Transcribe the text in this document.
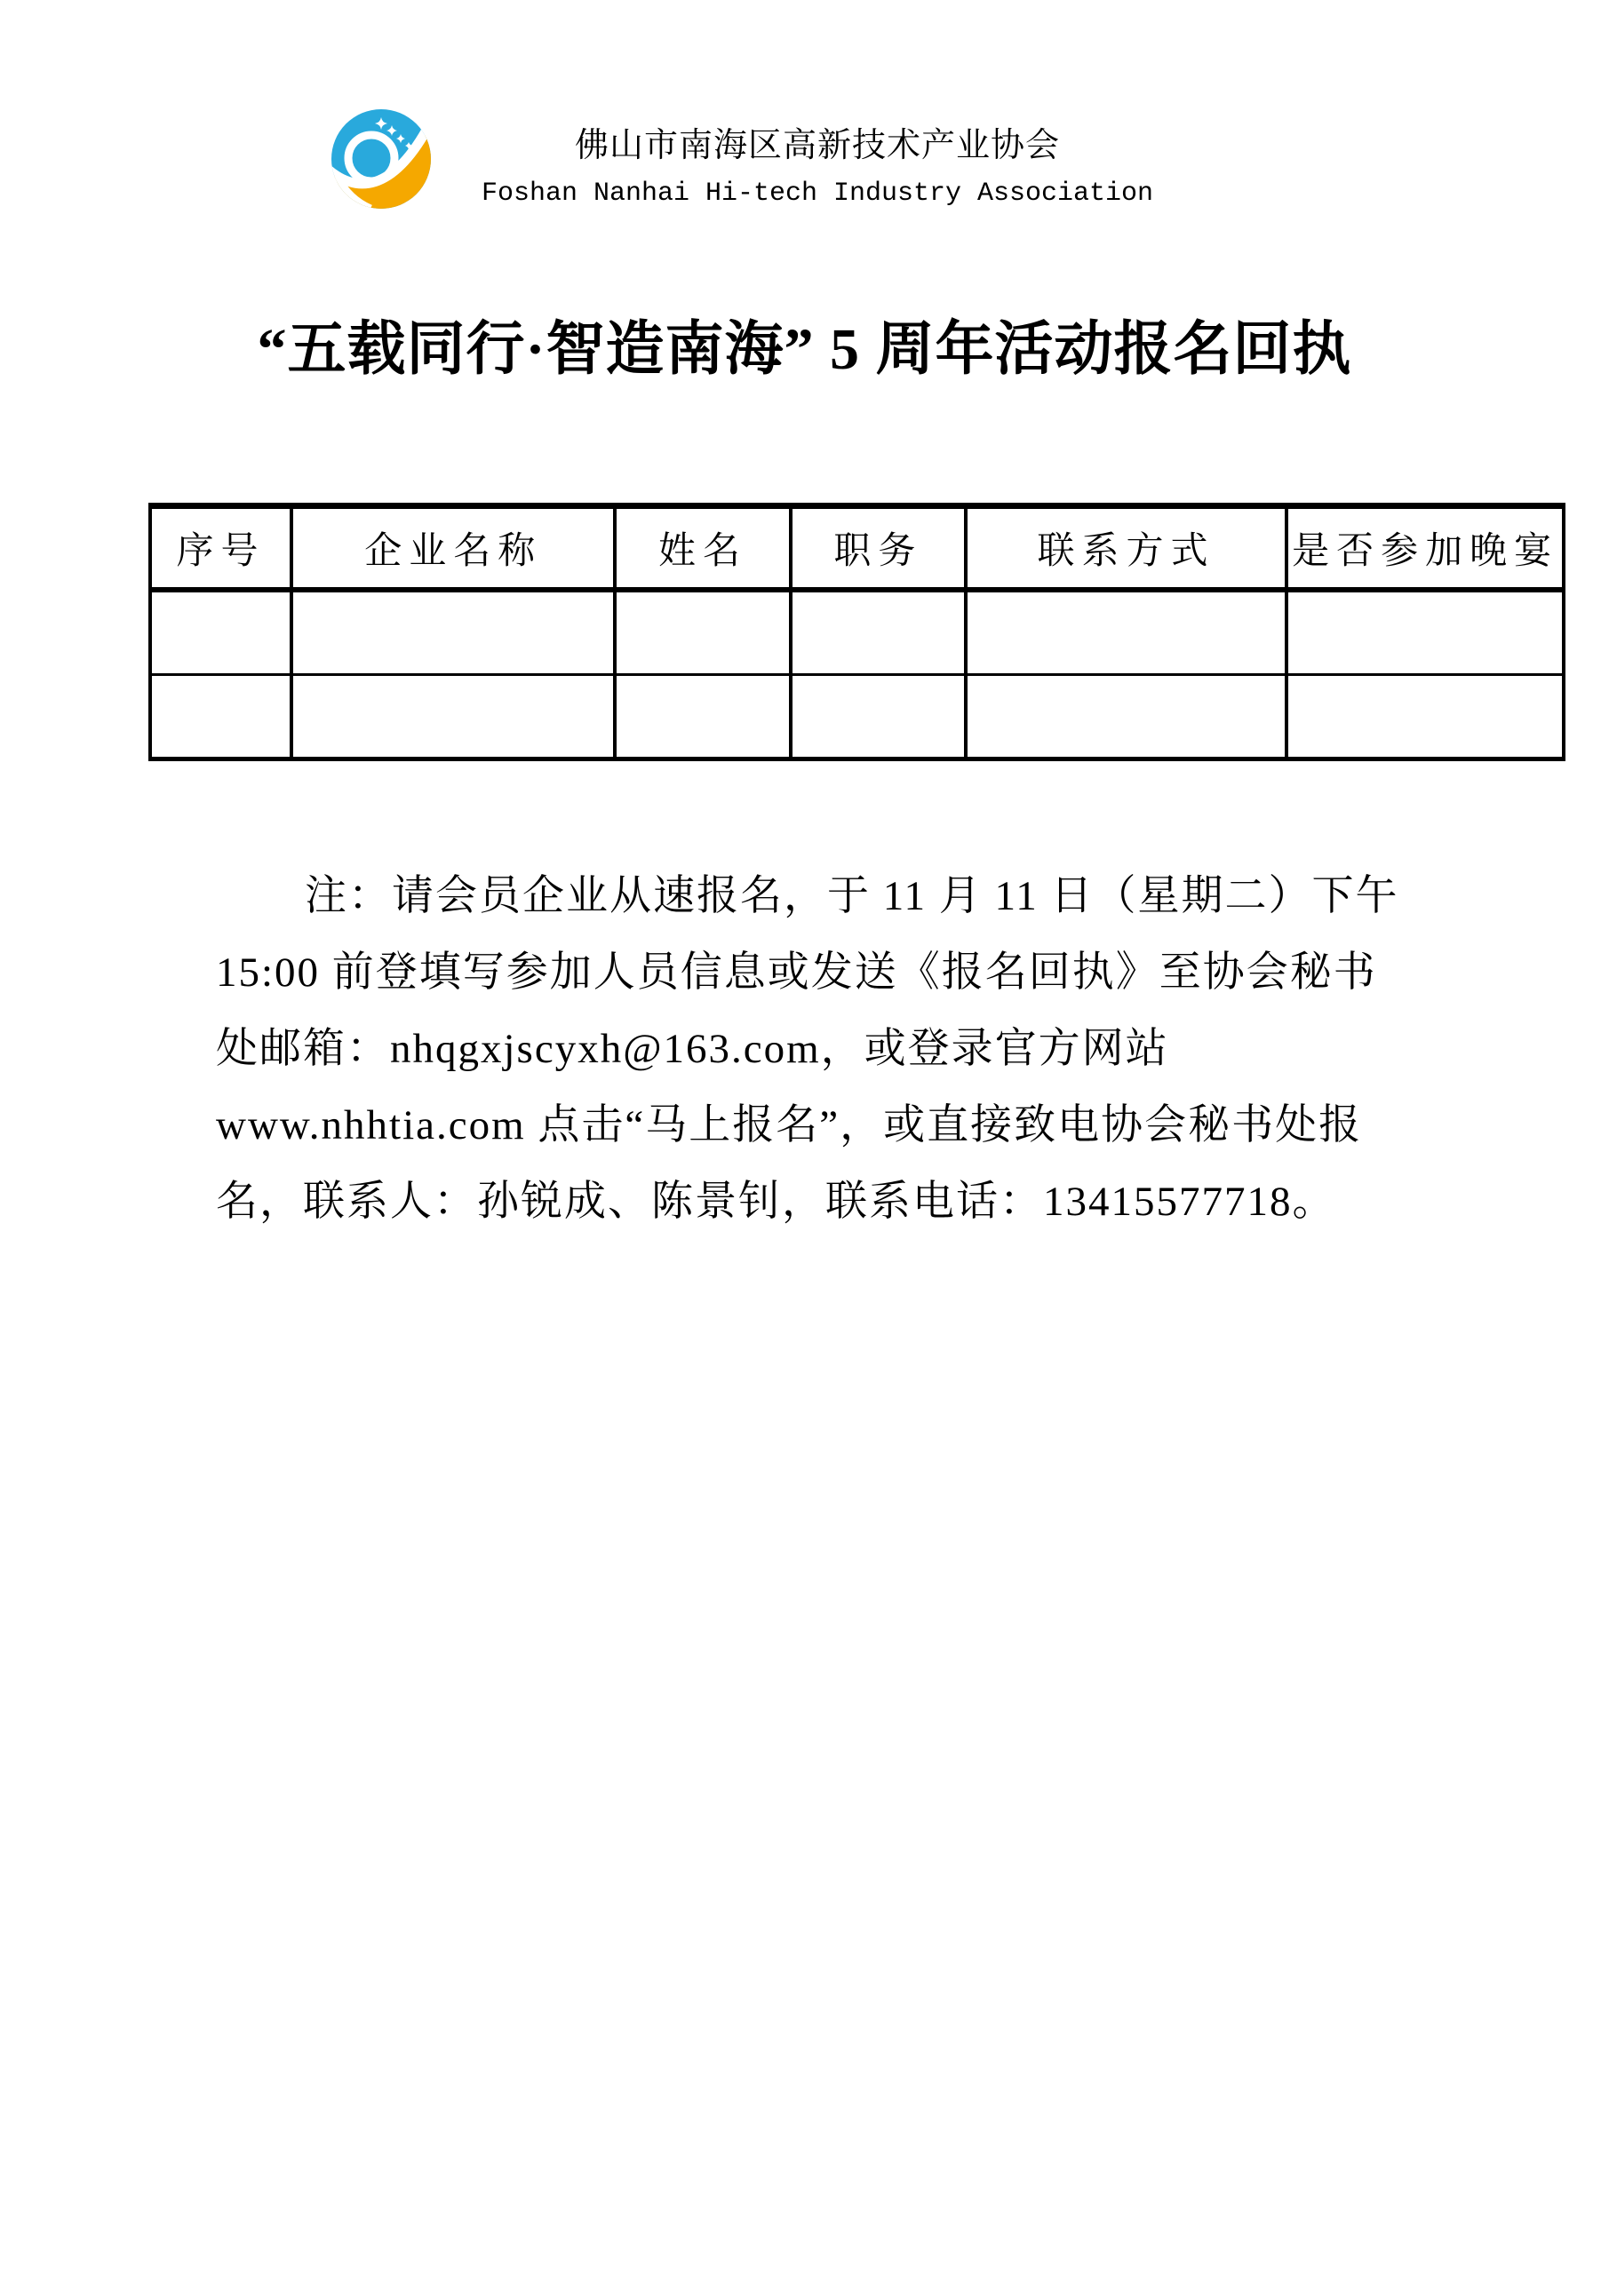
佛山市南海区高新技术产业协会
Foshan Nanhai Hi-tech Industry Association
“五载同行·智造南海” 5 周年活动报名回执
序号	企业名称	姓名	职务	联系方式	是否参加晚宴

注：请会员企业从速报名，于 11 月 11 日（星期二）下午
15:00 前登填写参加人员信息或发送《报名回执》至协会秘书
处邮箱：nhqgxjscyxh@163.com，或登录官方网站
www.nhhtia.com 点击“马上报名”，或直接致电协会秘书处报
名，联系人：孙锐成、陈景钊，联系电话：13415577718。
